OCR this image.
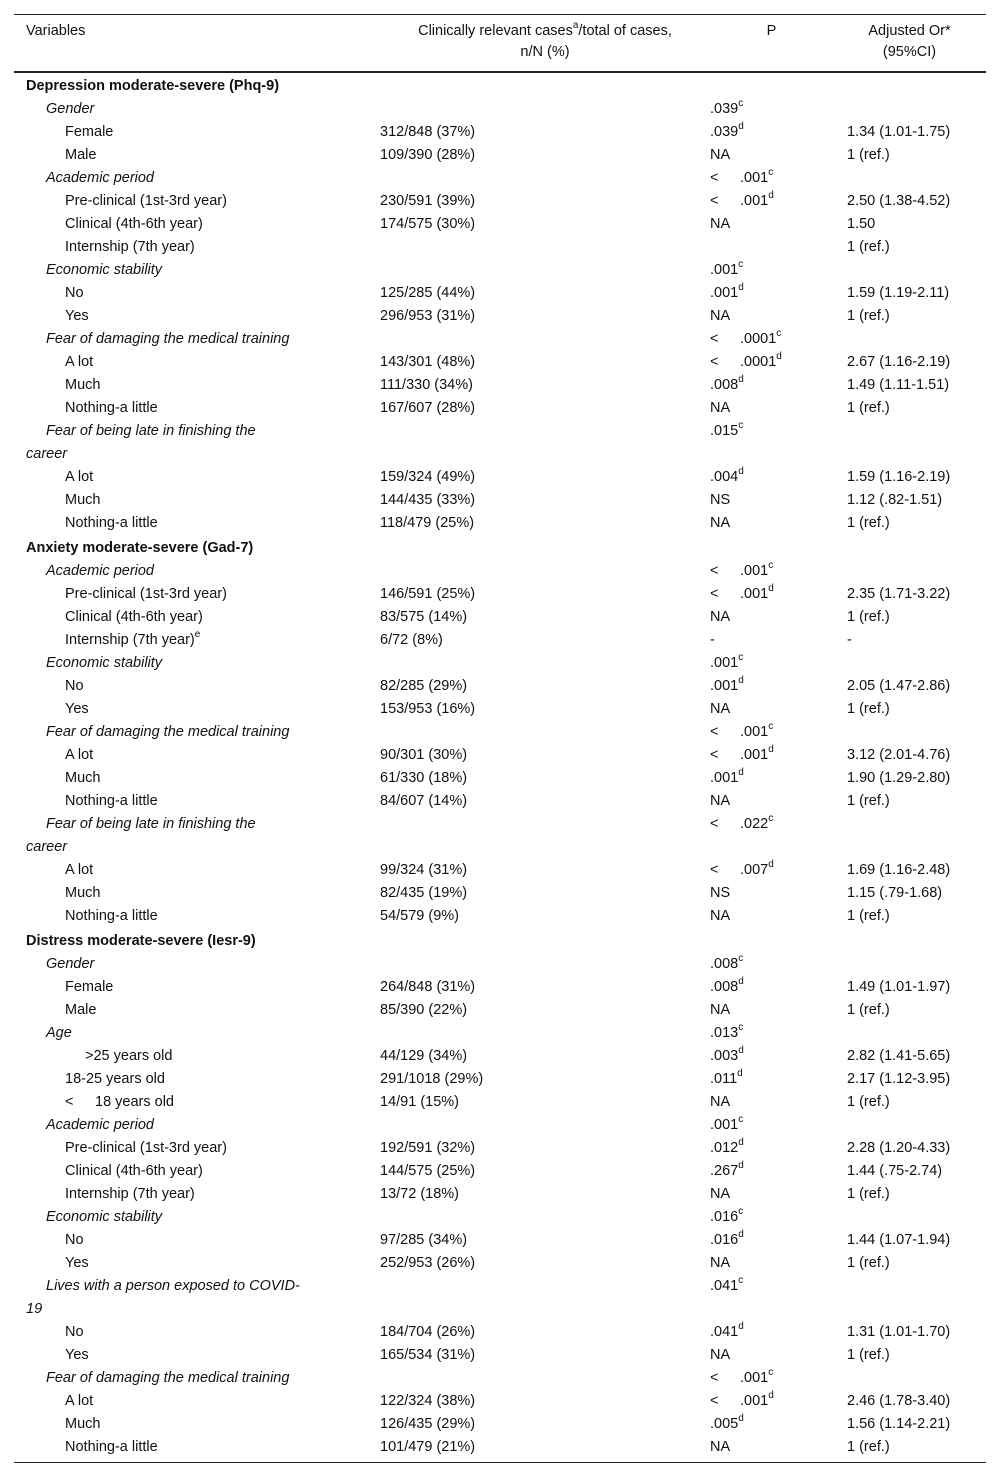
Variables	Clinically relevant cases$^a$/total of cases,
n/N (%)	P	Adjusted Or*
(95%CI)
Depression moderate-severe (Phq-9)			
Gender		.039$^c$	
Female	312/848 (37%)	.039$^d$	1.34 (1.01-1.75)
Male	109/390 (28%)	NA	1 (ref.)
Academic period		< .001$^c$	
Pre-clinical (1st-3rd year)	230/591 (39%)	< .001$^d$	2.50 (1.38-4.52)
Clinical (4th-6th year)	174/575 (30%)	NA	1.50
Internship (7th year)			1 (ref.)
Economic stability		.001$^c$	
No	125/285 (44%)	.001$^d$	1.59 (1.19-2.11)
Yes	296/953 (31%)	NA	1 (ref.)
Fear of damaging the medical training		< .0001$^c$	
A lot	143/301 (48%)	< .0001$^d$	2.67 (1.16-2.19)
Much	111/330 (34%)	.008$^d$	1.49 (1.11-1.51)
Nothing-a little	167/607 (28%)	NA	1 (ref.)
Fear of being late in finishing the
career		.015$^c$	
A lot	159/324 (49%)	.004$^d$	1.59 (1.16-2.19)
Much	144/435 (33%)	NS	1.12 (.82-1.51)
Nothing-a little	118/479 (25%)	NA	1 (ref.)
Anxiety moderate-severe (Gad-7)			
Academic period		< .001$^c$	
Pre-clinical (1st-3rd year)	146/591 (25%)	< .001$^d$	2.35 (1.71-3.22)
Clinical (4th-6th year)	83/575 (14%)	NA	1 (ref.)
Internship (7th year)$^e$	6/72 (8%)	-	-
Economic stability		.001$^c$	
No	82/285 (29%)	.001$^d$	2.05 (1.47-2.86)
Yes	153/953 (16%)	NA	1 (ref.)
Fear of damaging the medical training		< .001$^c$	
A lot	90/301 (30%)	< .001$^d$	3.12 (2.01-4.76)
Much	61/330 (18%)	.001$^d$	1.90 (1.29-2.80)
Nothing-a little	84/607 (14%)	NA	1 (ref.)
Fear of being late in finishing the
career		< .022$^c$	
A lot	99/324 (31%)	< .007$^d$	1.69 (1.16-2.48)
Much	82/435 (19%)	NS	1.15 (.79-1.68)
Nothing-a little	54/579 (9%)	NA	1 (ref.)
Distress moderate-severe (Iesr-9)			
Gender		.008$^c$	
Female	264/848 (31%)	.008$^d$	1.49 (1.01-1.97)
Male	85/390 (22%)	NA	1 (ref.)
Age		.013$^c$	
>25 years old	44/129 (34%)	.003$^d$	2.82 (1.41-5.65)
18-25 years old	291/1018 (29%)	.011$^d$	2.17 (1.12-3.95)
< 18 years old	14/91 (15%)	NA	1 (ref.)
Academic period		.001$^c$	
Pre-clinical (1st-3rd year)	192/591 (32%)	.012$^d$	2.28 (1.20-4.33)
Clinical (4th-6th year)	144/575 (25%)	.267$^d$	1.44 (.75-2.74)
Internship (7th year)	13/72 (18%)	NA	1 (ref.)
Economic stability		.016$^c$	
No	97/285 (34%)	.016$^d$	1.44 (1.07-1.94)
Yes	252/953 (26%)	NA	1 (ref.)
Lives with a person exposed to COVID-
19		.041$^c$	
No	184/704 (26%)	.041$^d$	1.31 (1.01-1.70)
Yes	165/534 (31%)	NA	1 (ref.)
Fear of damaging the medical training		< .001$^c$	
A lot	122/324 (38%)	< .001$^d$	2.46 (1.78-3.40)
Much	126/435 (29%)	.005$^d$	1.56 (1.14-2.21)
Nothing-a little	101/479 (21%)	NA	1 (ref.)
